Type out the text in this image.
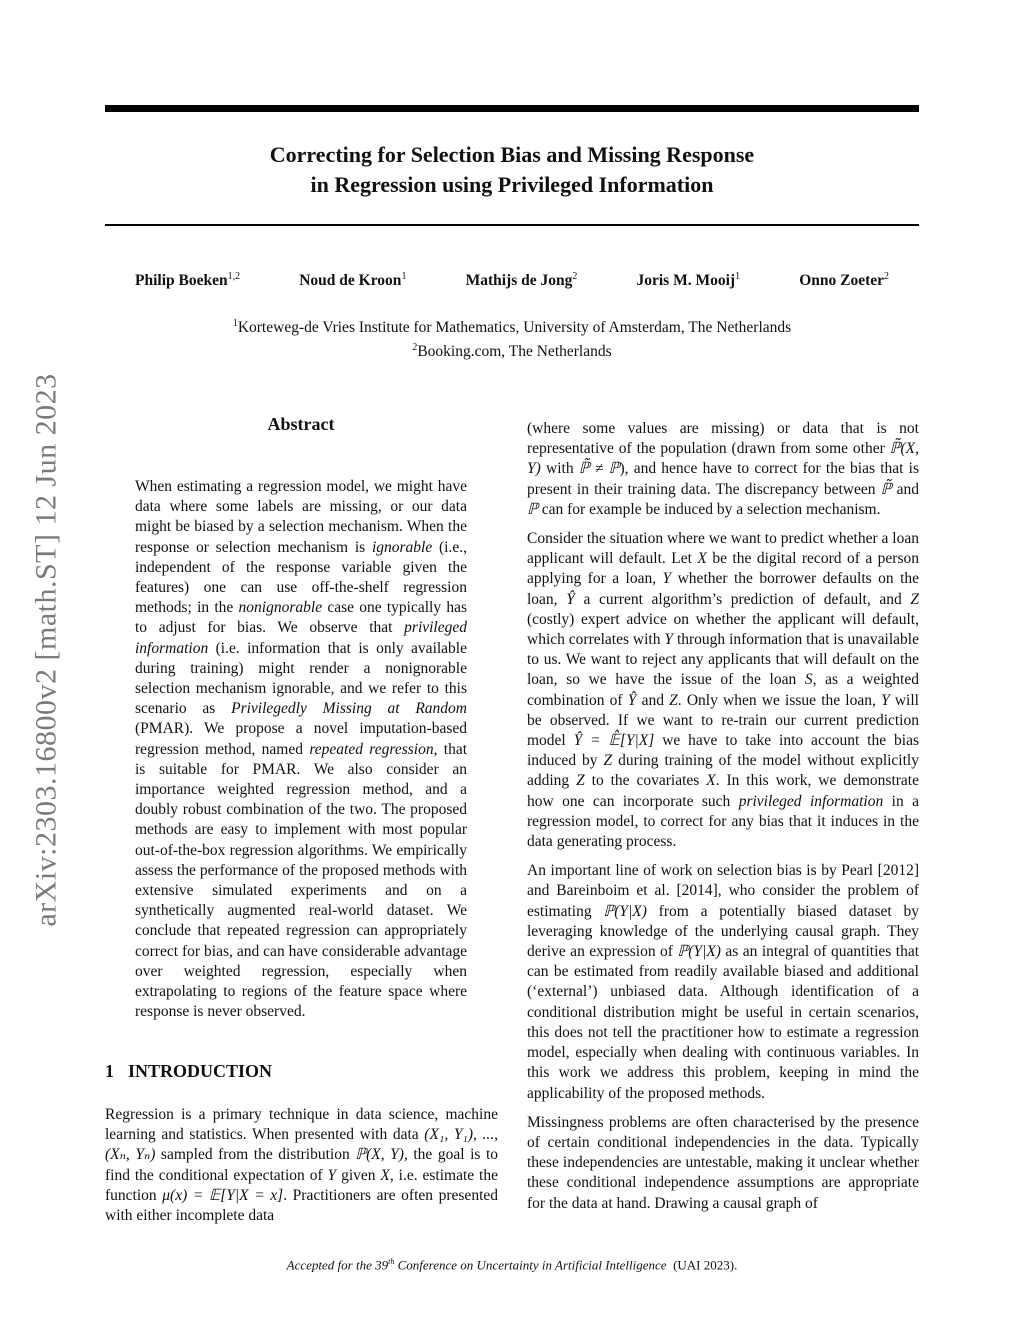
arXiv:2303.16800v2 [math.ST] 12 Jun 2023
Correcting for Selection Bias and Missing Response
in Regression using Privileged Information
Philip Boeken$^{1,2}$	Noud de Kroon$^1$	Mathijs de Jong$^2$	Joris M. Mooij$^1$	Onno Zoeter$^2$
$^1$Korteweg-de Vries Institute for Mathematics, University of Amsterdam, The Netherlands
$^2$Booking.com, The Netherlands
Abstract

When estimating a regression model, we might have data where some labels are missing, or our data might be biased by a selection mechanism. When the response or selection mechanism is ignorable (i.e., independent of the response variable given the features) one can use off-the-shelf regression methods; in the nonignorable case one typically has to adjust for bias. We observe that privileged information (i.e. information that is only available during training) might render a nonignorable selection mechanism ignorable, and we refer to this scenario as Privilegedly Missing at Random (PMAR). We propose a novel imputation-based regression method, named repeated regression, that is suitable for PMAR. We also consider an importance weighted regression method, and a doubly robust combination of the two. The proposed methods are easy to implement with most popular out-of-the-box regression algorithms. We empirically assess the performance of the proposed methods with extensive simulated experiments and on a synthetically augmented real-world dataset. We conclude that repeated regression can appropriately correct for bias, and can have considerable advantage over weighted regression, especially when extrapolating to regions of the feature space where response is never observed.

1 INTRODUCTION

Regression is a primary technique in data science, machine learning and statistics. When presented with data (X₁, Y₁), ..., (Xₙ, Yₙ) sampled from the distribution ℙ(X, Y), the goal is to find the conditional expectation of Y given X, i.e. estimate the function μ(x) = 𝔼[Y|X = x]. Practitioners are often presented with either incomplete data

(where some values are missing) or data that is not representative of the population (drawn from some other ℙ̃(X, Y) with ℙ̃ ≠ ℙ), and hence have to correct for the bias that is present in their training data. The discrepancy between ℙ̃ and ℙ can for example be induced by a selection mechanism.

Consider the situation where we want to predict whether a loan applicant will default. Let X be the digital record of a person applying for a loan, Y whether the borrower defaults on the loan, Ŷ a current algorithm’s prediction of default, and Z (costly) expert advice on whether the applicant will default, which correlates with Y through information that is unavailable to us. We want to reject any applicants that will default on the loan, so we have the issue of the loan S, as a weighted combination of Ŷ and Z. Only when we issue the loan, Y will be observed. If we want to re-train our current prediction model Ŷ = 𝔼̂[Y|X] we have to take into account the bias induced by Z during training of the model without explicitly adding Z to the covariates X. In this work, we demonstrate how one can incorporate such privileged information in a regression model, to correct for any bias that it induces in the data generating process.

An important line of work on selection bias is by Pearl [2012] and Bareinboim et al. [2014], who consider the problem of estimating ℙ(Y|X) from a potentially biased dataset by leveraging knowledge of the underlying causal graph. They derive an expression of ℙ(Y|X) as an integral of quantities that can be estimated from readily available biased and additional (‘external’) unbiased data. Although identification of a conditional distribution might be useful in certain scenarios, this does not tell the practitioner how to estimate a regression model, especially when dealing with continuous variables. In this work we address this problem, keeping in mind the applicability of the proposed methods.

Missingness problems are often characterised by the presence of certain conditional independencies in the data. Typically these independencies are untestable, making it unclear whether these conditional independence assumptions are appropriate for the data at hand. Drawing a causal graph of

Accepted for the 39th Conference on Uncertainty in Artificial Intelligence (UAI 2023).
